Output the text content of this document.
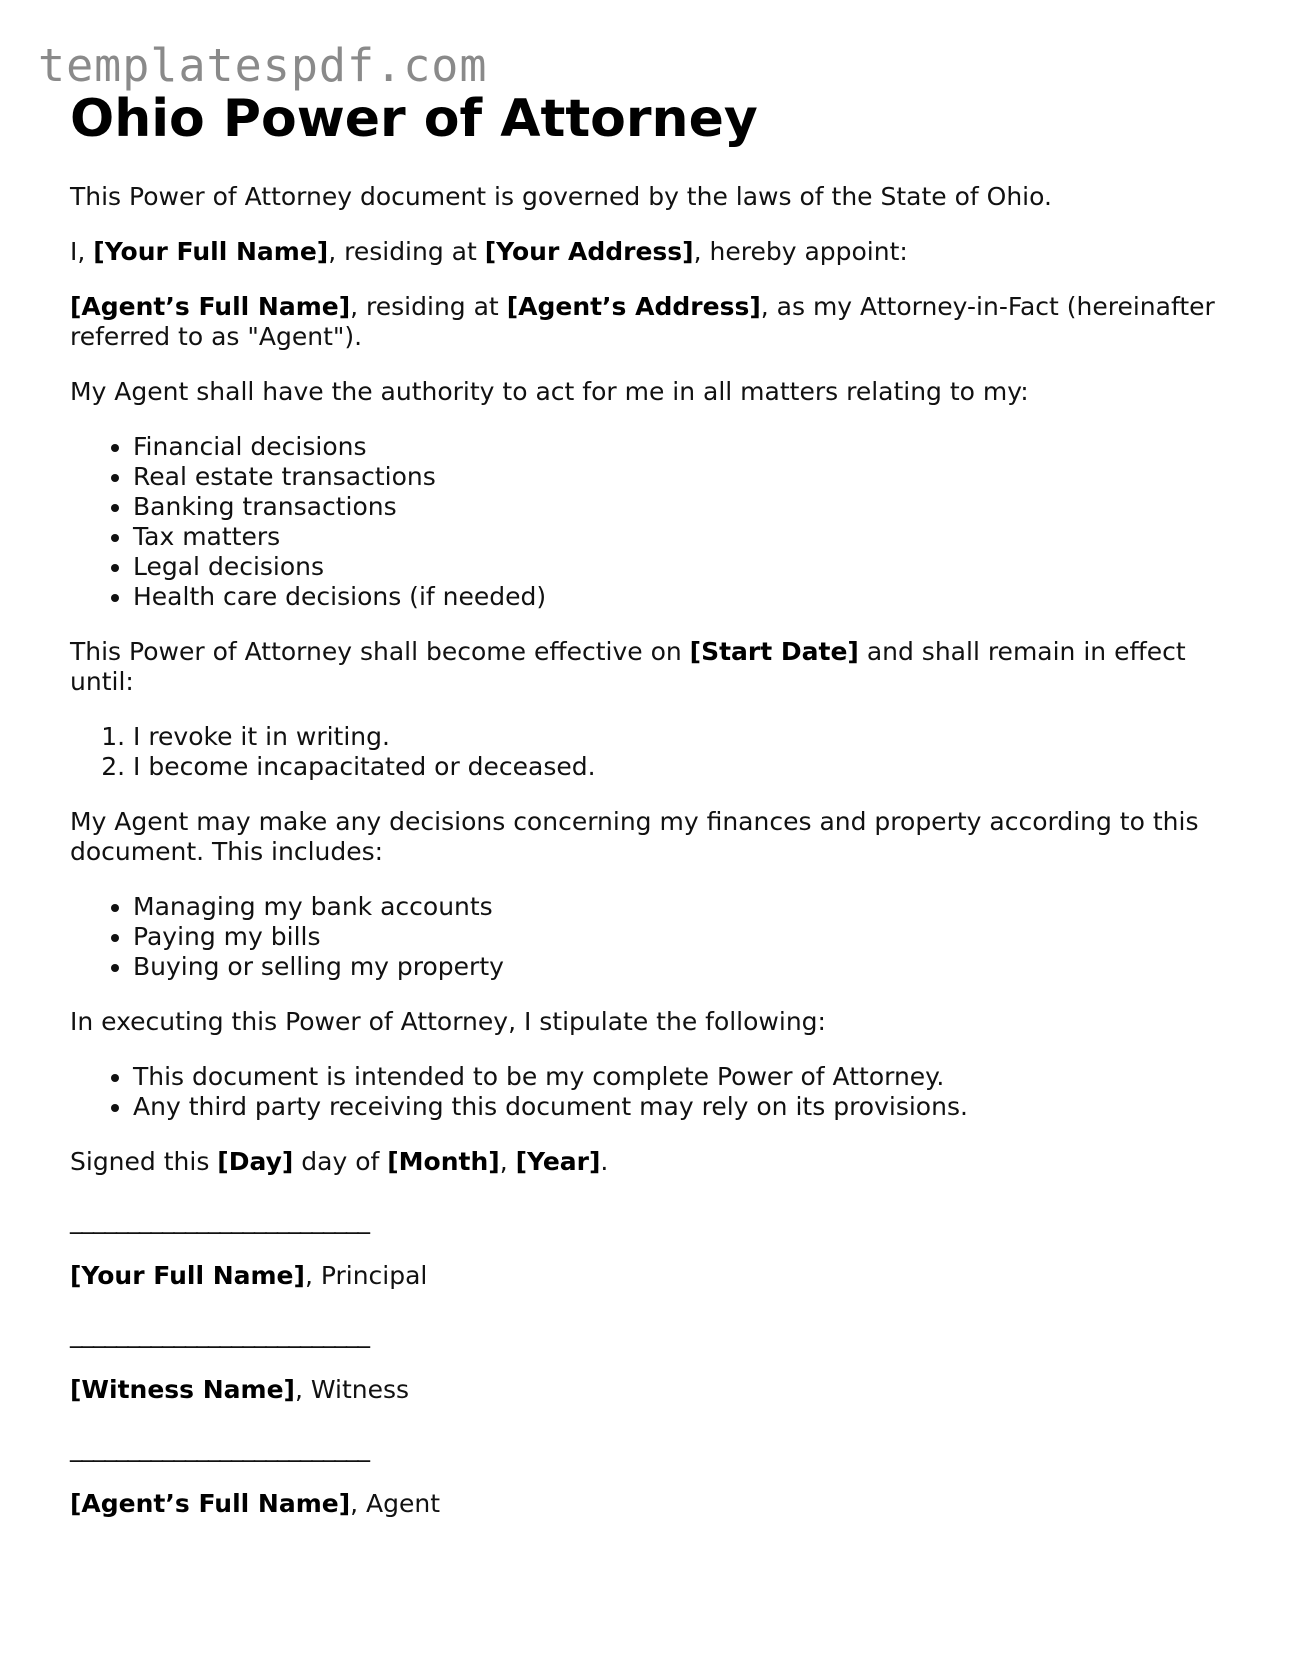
templatespdf.com
Ohio Power of Attorney

This Power of Attorney document is governed by the laws of the State of Ohio.

I, [Your Full Name], residing at [Your Address], hereby appoint:

[Agent’s Full Name], residing at [Agent’s Address], as my Attorney-in-Fact (hereinafter referred to as "Agent").

My Agent shall have the authority to act for me in all matters relating to my:

• Financial decisions
• Real estate transactions
• Banking transactions
• Tax matters
• Legal decisions
• Health care decisions (if needed)

This Power of Attorney shall become effective on [Start Date] and shall remain in effect until:

1. I revoke it in writing.
2. I become incapacitated or deceased.

My Agent may make any decisions concerning my finances and property according to this document. This includes:

• Managing my bank accounts
• Paying my bills
• Buying or selling my property

In executing this Power of Attorney, I stipulate the following:

• This document is intended to be my complete Power of Attorney.
• Any third party receiving this document may rely on its provisions.

Signed this [Day] day of [Month], [Year].

__________________________
[Your Full Name], Principal
__________________________
[Witness Name], Witness
__________________________
[Agent’s Full Name], Agent
